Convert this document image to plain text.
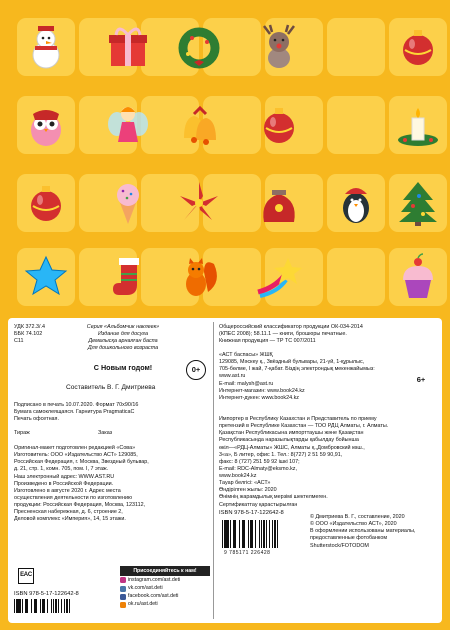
УДК 372.3/.4
ББК 74.102
С11
Серия «Альбомчик наклеек»
Издание для досуга
Демалысқа арналған баспа
Для дошкольного возраста
С Новым годом!	0+
Составитель В. Г. Дмитриева
Подписано в печать 10.07.2020. Формат 70х90/16
Бумага самоклеящаяся. Гарнитура PragmaticaC
Печать офсетная.
Тираж	Заказ
Оригинал-макет подготовлен редакцией «Сова»
Изготовитель: ООО «Издательство АСТ» 129085,
Российская Федерация, г. Москва, Звездный бульвар,
д. 21, стр. 1, комн. 705, пом. I, 7 этаж.
Наш электронный адрес: WWW.AST.RU
Произведено в Российской Федерации.
Изготовлено в августе 2020 г. Адрес места
осуществления деятельности по изготовлению
продукции: Российская Федерация, Москва, 123112,
Пресненская набережная, д. 6, строение 2,
Деловой комплекс «Империя», 14, 15 этажи.
EAC
ISBN 978-5-17-122642-8
Присоединяйтесь к нам!
instagram.com/ast.deti
vk.com/ast.deti
facebook.com/ast.deti
ok.ru/ast.deti
Общероссийский классификатор продукции ОК-034-2014
(КПЕС 2008); 58.11.1 — книги, брошюры печатные.
Книжная продукция — ТР ТС 007/2011
«АСТ баспасы» ЖШҚ
129085, Мәскеу қ., Звёздный бульвары, 21-үй, 1-құрылыс,
705-бөлме, I жай, 7-қабат. Біздің электрондық мекенжайымыз:
www.ast.ru
E-mail: malysh@ast.ru
Интернет-магазин: www.book24.kz
Интернет-дүкен: www.book24.kz
6+
Импортер в Республику Казахстан и Представитель по приему
претензий в Республике Казахстан — ТОО РДЦ Алматы, г. Алматы.
Қазақстан Республикасына импорттаушы және Қазақстан
Республикасында наразылықтарды қабылдау бойынша
өкіл—«РДЦ-Алматы» ЖШС, Алматы қ.,Домбровский көш.,
3«а», Б литер, офис 1. Тел.: 8(727) 2 51 59 90,91,
факс: 8 (727) 251 59 92 ішкі 107;
E-mail: RDC-Almaty@eksmo.kz,
www.book24.kz
Тауар белгісі: «АСТ»
Өндірілген жылы: 2020
Өнімнің жарамдылық мерзімі шектелмеген.
Сертификаттау қарастырылған
ISBN 978-5-17-122642-8
9 785171 226428
© Дмитриева В. Г., составление, 2020
© ООО «Издательство АСТ», 2020
В оформлении использованы материалы,
предоставленные фотобанком
Shutterstock/FOTODOM
